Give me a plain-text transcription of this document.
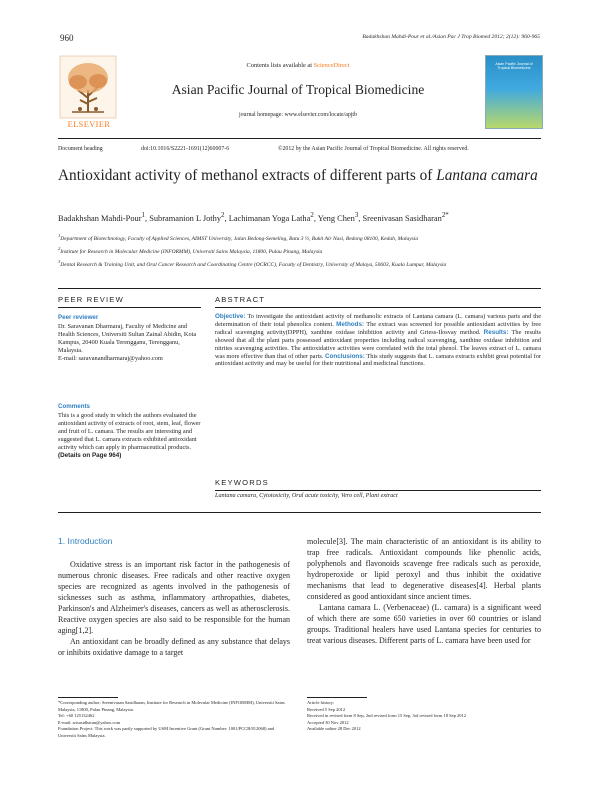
960	Badakhshan Mahdi-Pour et al./Asian Pac J Trop Biomed 2012; 2(12): 960-965
ELSEVIER
Contents lists available at ScienceDirect
Asian Pacific Journal of Tropical Biomedicine
journal homepage: www.elsevier.com/locate/apjtb
Asian Pacific Journal of Tropical Biomedicine
Document heading	doi:10.1016/S2221-1691(12)60007-6	©2012 by the Asian Pacific Journal of Tropical Biomedicine. All rights reserved.
Antioxidant activity of methanol extracts of different parts of Lantana camara
Badakhshan Mahdi-Pour$^1$, Subramanion L Jothy$^2$, Lachimanan Yoga Latha$^2$, Yeng Chen$^3$, Sreenivasan Sasidharan$^{2*}$
$^1$Department of Biotechnology, Faculty of Applied Sciences, AIMST University, Jalan Bedong-Semeling, Batu 3 ½, Bukit Air Nasi, Bedong 08100, Kedah, Malaysia
$^2$Institute for Research in Molecular Medicine (INFORMM), Universiti Sains Malaysia, 11800, Pulau Pinang, Malaysia
$^3$Dental Research & Training Unit, and Oral Cancer Research and Coordinating Centre (OCRCC), Faculty of Dentistry, University of Malaya, 50603, Kuala Lumpur, Malaysia
PEER REVIEW	ABSTRACT
Peer reviewer
Dr. Saravanan Dharmaraj, Faculty of Medicine and Health Sciences, Universiti Sultan Zainal Abidin, Kota Kampus, 20400 Kuala Terengganu, Terengganu, Malaysia.
E-mail: saravanandharmaraj@yahoo.com
Comments
This is a good study in which the authors evaluated the antioxidant activity of extracts of root, stem, leaf, flower and fruit of L. camara. The results are interesting and suggested that L. camara extracts exhibited antioxidant activity which can apply in pharmaceutical products.
(Details on Page 964)
Objective: To investigate the antioxidant activity of methanolic extracts of Lantana camara (L. camara) various parts and the determination of their total phenolics content. Methods: The extract was screened for possible antioxidant activities by free radical scavenging activity(DPPH), xanthine oxidase inhibition activity and Griess-Ilosvay method. Results: The results showed that all the plant parts possessed antioxidant properties including radical scavenging, xanthine oxidase inhibition and nitrites scavenging activities. The antioxidative activities were correlated with the total phenol. The leaves extract of L. camara was more effective than that of other parts. Conclusions: This study suggests that L. camara extracts exhibit great potential for antioxidant activity and may be useful for their nutritional and medicinal functions.
KEYWORDS
Lantana camara, Cytotoxicity, Oral acute toxicity, Vero cell, Plant extract
1. Introduction

Oxidative stress is an important risk factor in the pathogenesis of numerous chronic diseases. Free radicals and other reactive oxygen species are recognized as agents involved in the pathogenesis of sicknesses such as asthma, inflammatory arthropathies, diabetes, Parkinson's and Alzheimer's diseases, cancers as well as atherosclerosis. Reactive oxygen species are also said to be responsible for the human aging[1,2].

An antioxidant can be broadly defined as any substance that delays or inhibits oxidative damage to a target

molecule[3]. The main characteristic of an antioxidant is its ability to trap free radicals. Antioxidant compounds like phenolic acids, polyphenols and flavonoids scavenge free radicals such as peroxide, hydroperoxide or lipid peroxyl and thus inhibit the oxidative mechanisms that lead to degenerative diseases[4]. Herbal plants considered as good antioxidant since ancient times.

Lantana camara L. (Verbenaceae) (L. camara) is a significant weed of which there are some 650 varieties in over 60 countries or island groups. Traditional healers have used Lantana species for centuries to treat various diseases. Different parts of L. camara have been used for

*Corresponding author: Sreenivasan Sasidharan, Institute for Research in Molecular Medicine (INFORMM), Universiti Sains Malaysia, 11800, Pulau Pinang, Malaysia.
Tel: +60 125132462
E-mail: srisasidharan@yahoo.com
Foundation Project: This work was partly supported by USM Incentive Grant (Grant Number: 1001/PCCB/812068) and Universiti Sains Malaysia.
Article history:
Received 5 Sep 2012
Received in revised form 8 Sep, 2nd revised form 15 Sep, 3rd revised form 18 Sep 2012
Accepted 30 Nov 2012
Available online 28 Dec 2012
